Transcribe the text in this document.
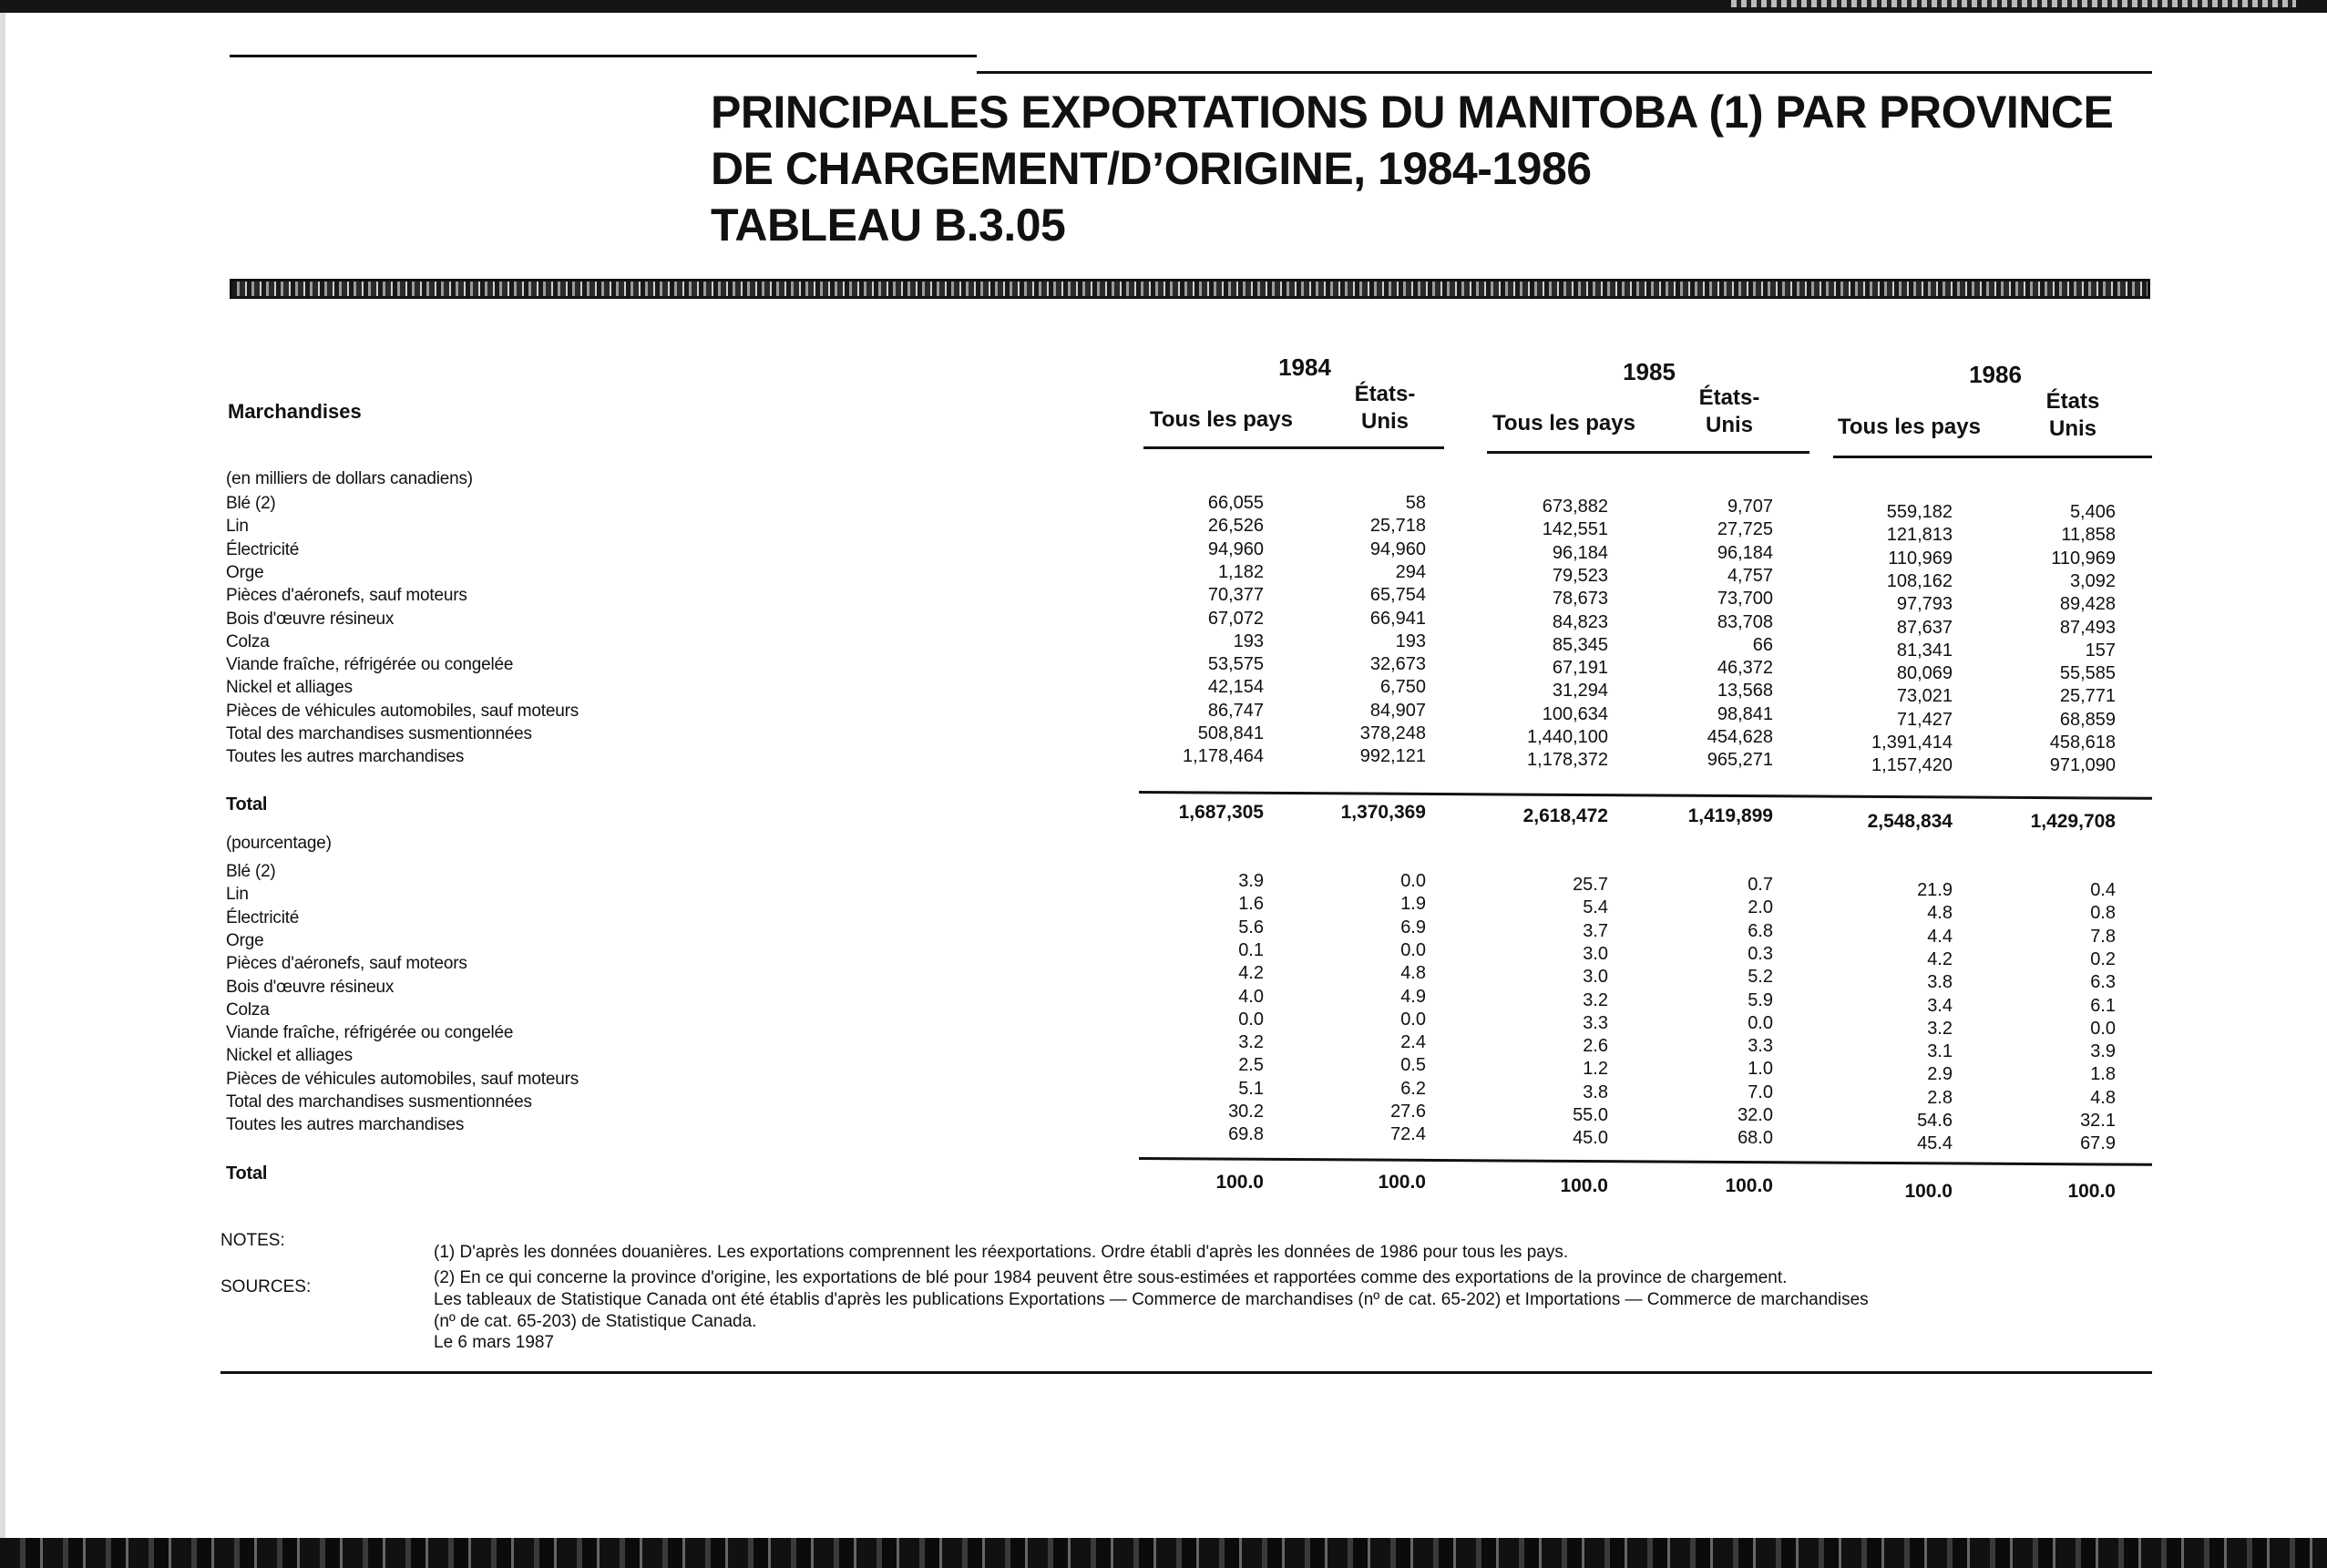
PRINCIPALES EXPORTATIONS DU MANITOBA (1) PAR PROVINCE
DE CHARGEMENT/D’ORIGINE, 1984-1986
TABLEAU B.3.05
Marchandises
1984	1985	1986
Tous les pays
États-
Unis	Tous les pays
États-
Unis	Tous les pays
États
Unis
(en milliers de dollars canadiens)
Blé (2)	66,055	58	673,882	9,707	559,182	5,406
Lin	26,526	25,718	142,551	27,725	121,813	11,858
Électricité	94,960	94,960	96,184	96,184	110,969	110,969
Orge	1,182	294	79,523	4,757	108,162	3,092
Pièces d'aéronefs, sauf moteurs	70,377	65,754	78,673	73,700	97,793	89,428
Bois d'œuvre résineux	67,072	66,941	84,823	83,708	87,637	87,493
Colza	193	193	85,345	66	81,341	157
Viande fraîche, réfrigérée ou congelée	53,575	32,673	67,191	46,372	80,069	55,585
Nickel et alliages	42,154	6,750	31,294	13,568	73,021	25,771
Pièces de véhicules automobiles, sauf moteurs	86,747	84,907	100,634	98,841	71,427	68,859
Total des marchandises susmentionnées	508,841	378,248	1,440,100	454,628	1,391,414	458,618
Toutes les autres marchandises	1,178,464	992,121	1,178,372	965,271	1,157,420	971,090
Total	1,687,305	1,370,369	2,618,472	1,419,899	2,548,834	1,429,708
(pourcentage)
Blé (2)	3.9	0.0	25.7	0.7	21.9	0.4
Lin	1.6	1.9	5.4	2.0	4.8	0.8
Électricité	5.6	6.9	3.7	6.8	4.4	7.8
Orge	0.1	0.0	3.0	0.3	4.2	0.2
Pièces d'aéronefs, sauf moteors	4.2	4.8	3.0	5.2	3.8	6.3
Bois d'œuvre résineux	4.0	4.9	3.2	5.9	3.4	6.1
Colza	0.0	0.0	3.3	0.0	3.2	0.0
Viande fraîche, réfrigérée ou congelée	3.2	2.4	2.6	3.3	3.1	3.9
Nickel et alliages	2.5	0.5	1.2	1.0	2.9	1.8
Pièces de véhicules automobiles, sauf moteurs	5.1	6.2	3.8	7.0	2.8	4.8
Total des marchandises susmentionnées	30.2	27.6	55.0	32.0	54.6	32.1
Toutes les autres marchandises	69.8	72.4	45.0	68.0	45.4	67.9
Total	100.0	100.0	100.0	100.0	100.0	100.0
NOTES:
SOURCES:
(1) D'après les données douanières. Les exportations comprennent les réexportations. Ordre établi d'après les données de 1986 pour tous les pays.
(2) En ce qui concerne la province d'origine, les exportations de blé pour 1984 peuvent être sous-estimées et rapportées comme des exportations de la province de chargement.
Les tableaux de Statistique Canada ont été établis d'après les publications Exportations — Commerce de marchandises (nº de cat. 65-202) et Importations — Commerce de marchandises
(nº de cat. 65-203) de Statistique Canada.
Le 6 mars 1987
